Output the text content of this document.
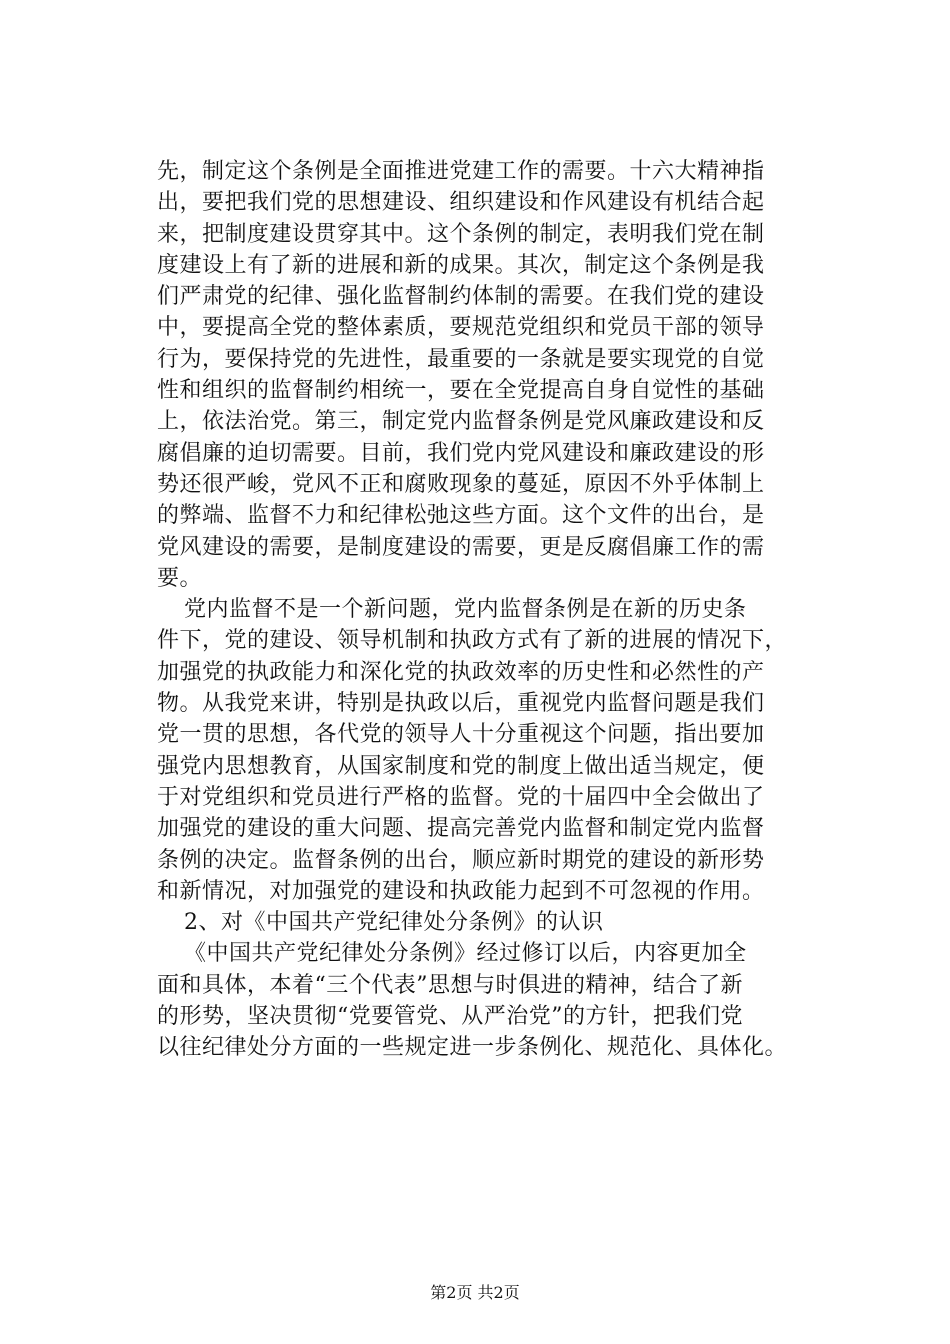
先，制定这个条例是全面推进党建工作的需要。十六大精神指
出，要把我们党的思想建设、组织建设和作风建设有机结合起
来，把制度建设贯穿其中。这个条例的制定，表明我们党在制
度建设上有了新的进展和新的成果。其次，制定这个条例是我
们严肃党的纪律、强化监督制约体制的需要。在我们党的建设
中，要提高全党的整体素质，要规范党组织和党员干部的领导
行为，要保持党的先进性，最重要的一条就是要实现党的自觉
性和组织的监督制约相统一，要在全党提高自身自觉性的基础
上，依法治党。第三，制定党内监督条例是党风廉政建设和反
腐倡廉的迫切需要。目前，我们党内党风建设和廉政建设的形
势还很严峻，党风不正和腐败现象的蔓延，原因不外乎体制上
的弊端、监督不力和纪律松弛这些方面。这个文件的出台，是
党风建设的需要，是制度建设的需要，更是反腐倡廉工作的需
要。
党内监督不是一个新问题，党内监督条例是在新的历史条
件下，党的建设、领导机制和执政方式有了新的进展的情况下，
加强党的执政能力和深化党的执政效率的历史性和必然性的产
物。从我党来讲，特别是执政以后，重视党内监督问题是我们
党一贯的思想，各代党的领导人十分重视这个问题，指出要加
强党内思想教育，从国家制度和党的制度上做出适当规定，便
于对党组织和党员进行严格的监督。党的十届四中全会做出了
加强党的建设的重大问题、提高完善党内监督和制定党内监督
条例的决定。监督条例的出台，顺应新时期党的建设的新形势
和新情况，对加强党的建设和执政能力起到不可忽视的作用。
2、对《中国共产党纪律处分条例》的认识
《中国共产党纪律处分条例》经过修订以后，内容更加全
面和具体，本着“三个代表”思想与时俱进的精神，结合了新
的形势，坚决贯彻“党要管党、从严治党”的方针，把我们党
以往纪律处分方面的一些规定进一步条例化、规范化、具体化。
第2页 共2页
